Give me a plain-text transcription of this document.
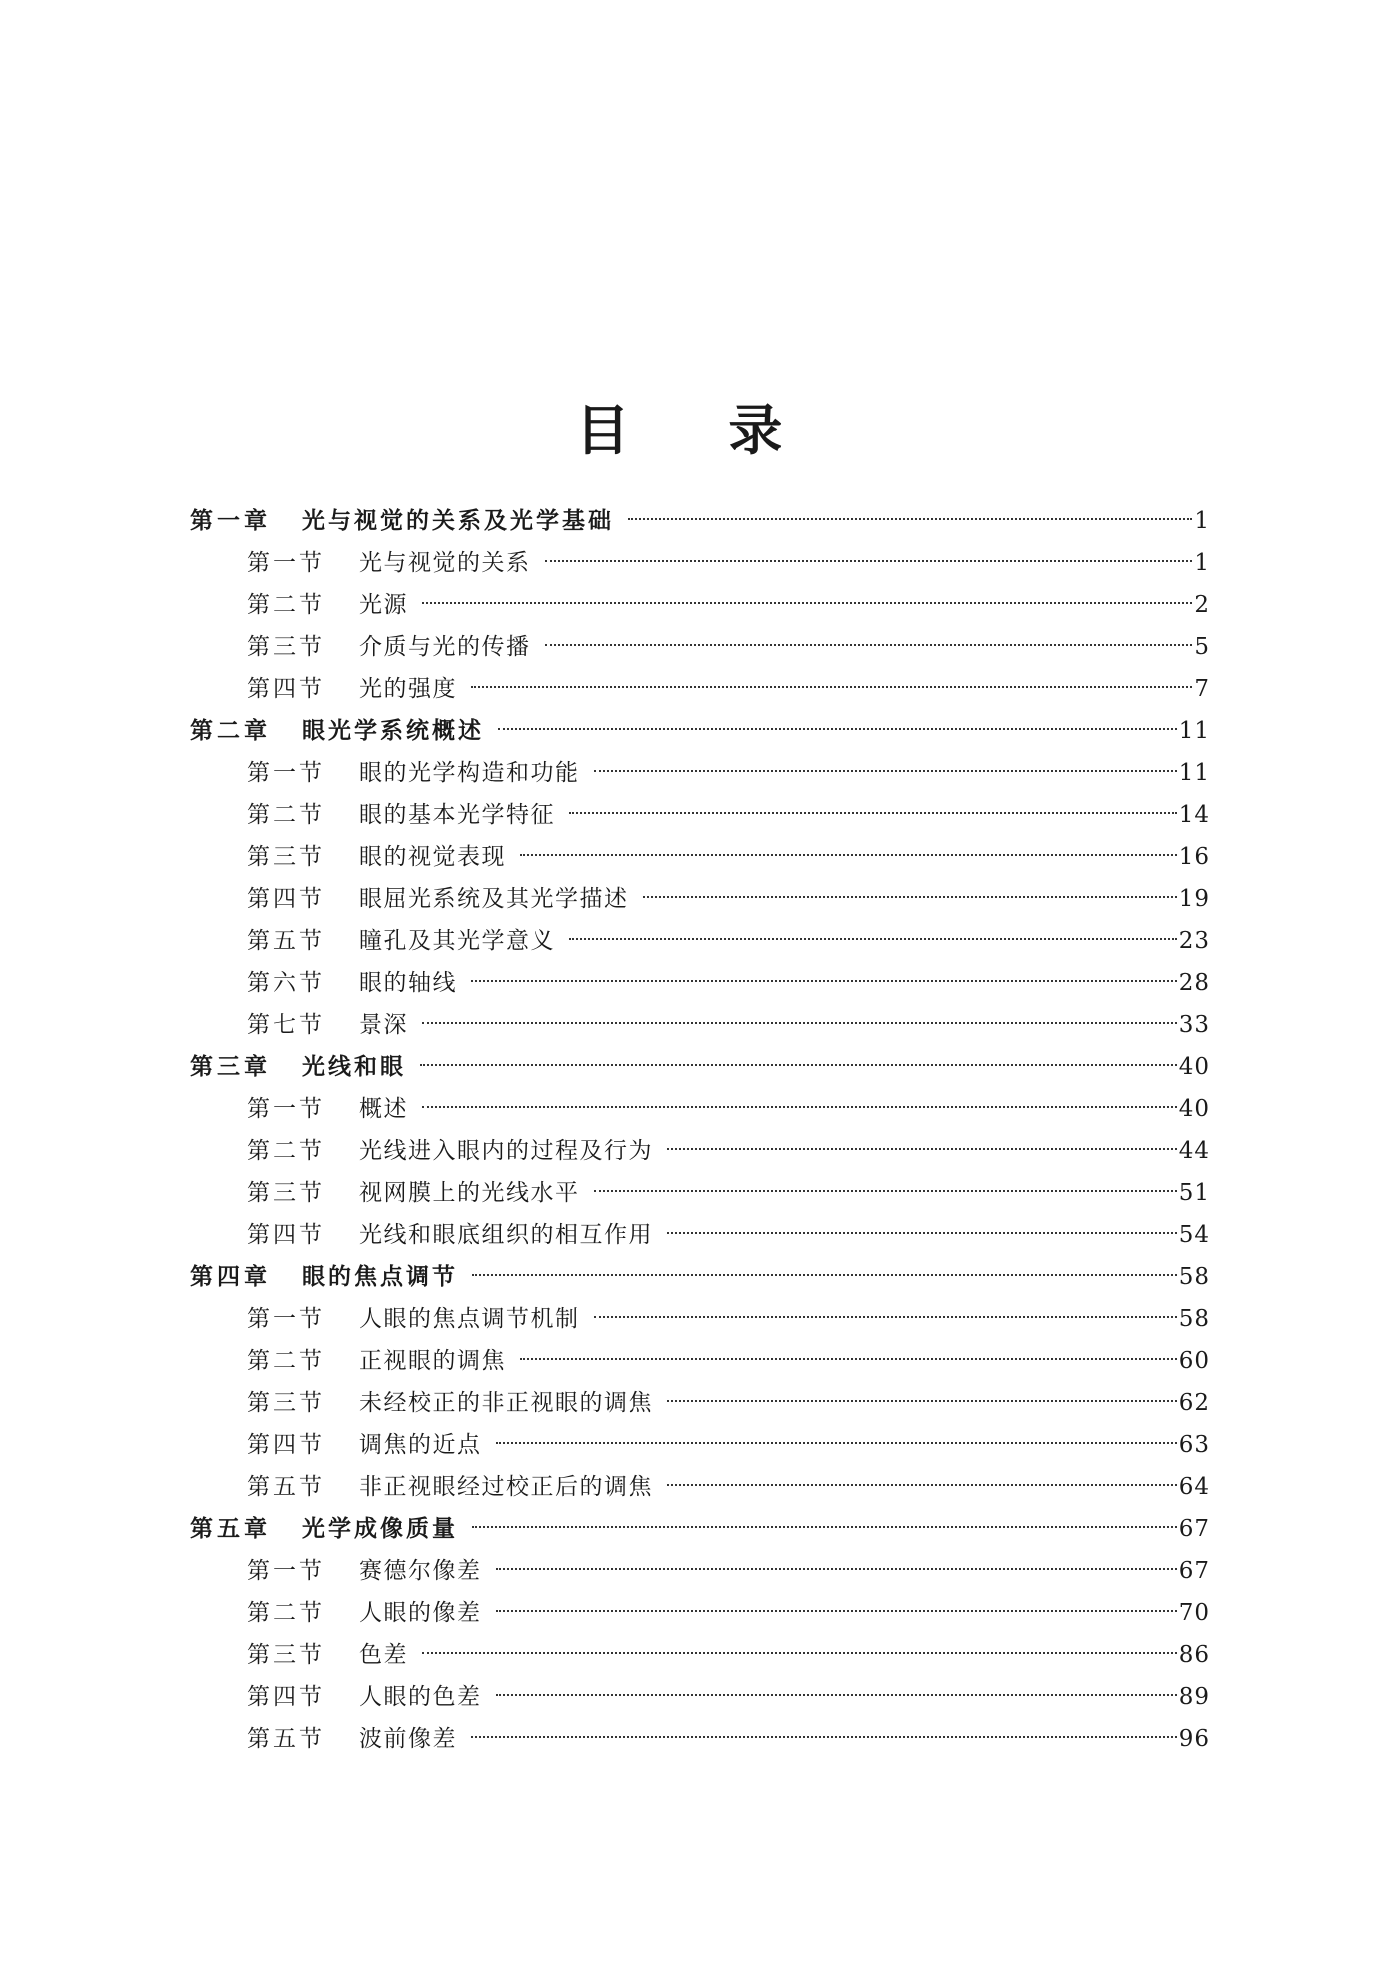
目 录
第一章	光与视觉的关系及光学基础	1
第一节	光与视觉的关系	1
第二节	光源	2
第三节	介质与光的传播	5
第四节	光的强度	7
第二章	眼光学系统概述	11
第一节	眼的光学构造和功能	11
第二节	眼的基本光学特征	14
第三节	眼的视觉表现	16
第四节	眼屈光系统及其光学描述	19
第五节	瞳孔及其光学意义	23
第六节	眼的轴线	28
第七节	景深	33
第三章	光线和眼	40
第一节	概述	40
第二节	光线进入眼内的过程及行为	44
第三节	视网膜上的光线水平	51
第四节	光线和眼底组织的相互作用	54
第四章	眼的焦点调节	58
第一节	人眼的焦点调节机制	58
第二节	正视眼的调焦	60
第三节	未经校正的非正视眼的调焦	62
第四节	调焦的近点	63
第五节	非正视眼经过校正后的调焦	64
第五章	光学成像质量	67
第一节	赛德尔像差	67
第二节	人眼的像差	70
第三节	色差	86
第四节	人眼的色差	89
第五节	波前像差	96
